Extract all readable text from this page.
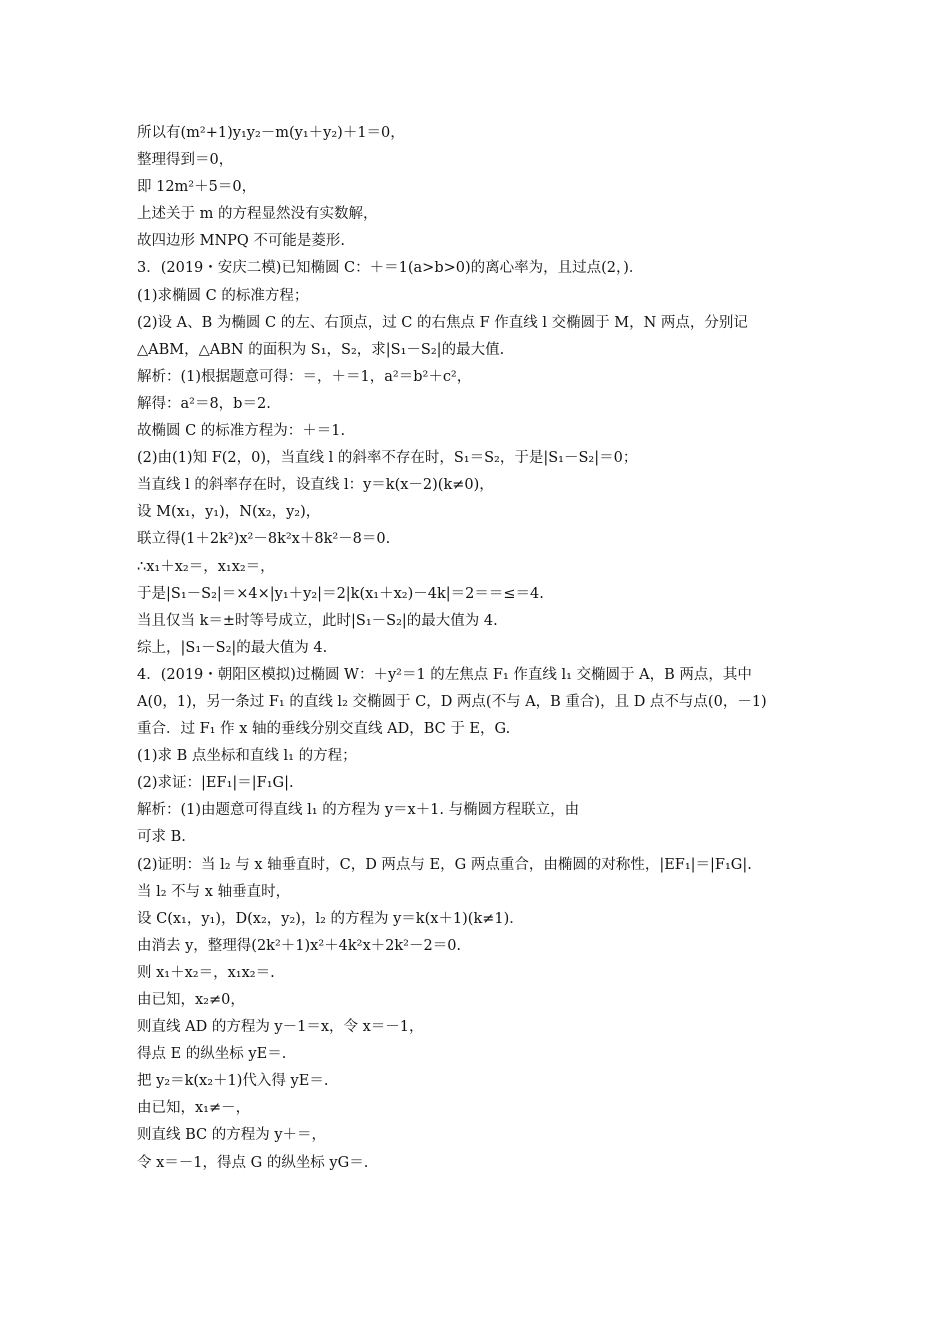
所以有(m²+1)y₁y₂－m(y₁＋y₂)＋1＝0，
整理得到＝0，
即 12m²＋5＝0，
上述关于 m 的方程显然没有实数解，
故四边形 MNPQ 不可能是菱形.
3．(2019・安庆二模)已知椭圆 C：＋＝1(a>b>0)的离心率为，且过点(2，)．
(1)求椭圆 C 的标准方程；
(2)设 A、B 为椭圆 C 的左、右顶点，过 C 的右焦点 F 作直线 l 交椭圆于 M，N 两点，分别记
△ABM，△ABN 的面积为 S₁，S₂，求|S₁－S₂|的最大值.
解析：(1)根据题意可得：＝，＋＝1，a²＝b²＋c²，
解得：a²＝8，b＝2.
故椭圆 C 的标准方程为：＋＝1.
(2)由(1)知 F(2，0)，当直线 l 的斜率不存在时，S₁＝S₂，于是|S₁－S₂|＝0；
当直线 l 的斜率存在时，设直线 l：y＝k(x－2)(k≠0)，
设 M(x₁，y₁)，N(x₂，y₂)，
联立得(1＋2k²)x²－8k²x＋8k²－8＝0.
∴x₁＋x₂＝，x₁x₂＝，
于是|S₁－S₂|＝×4×|y₁＋y₂|＝2|k(x₁＋x₂)－4k|＝2＝＝≤＝4.
当且仅当 k＝±时等号成立，此时|S₁－S₂|的最大值为 4.
综上，|S₁－S₂|的最大值为 4.
4．(2019・朝阳区模拟)过椭圆 W：＋y²＝1 的左焦点 F₁ 作直线 l₁ 交椭圆于 A，B 两点，其中
A(0，1)，另一条过 F₁ 的直线 l₂ 交椭圆于 C，D 两点(不与 A，B 重合)，且 D 点不与点(0，－1)
重合．过 F₁ 作 x 轴的垂线分别交直线 AD，BC 于 E，G.
(1)求 B 点坐标和直线 l₁ 的方程；
(2)求证：|EF₁|＝|F₁G|.
解析：(1)由题意可得直线 l₁ 的方程为 y＝x＋1. 与椭圆方程联立，由
可求 B.
(2)证明：当 l₂ 与 x 轴垂直时，C，D 两点与 E，G 两点重合，由椭圆的对称性，|EF₁|＝|F₁G|.
当 l₂ 不与 x 轴垂直时，
设 C(x₁，y₁)，D(x₂，y₂)，l₂ 的方程为 y＝k(x＋1)(k≠1)．
由消去 y，整理得(2k²＋1)x²＋4k²x＋2k²－2＝0.
则 x₁＋x₂＝，x₁x₂＝.
由已知，x₂≠0，
则直线 AD 的方程为 y－1＝x，令 x＝－1，
得点 E 的纵坐标 yE＝.
把 y₂＝k(x₂＋1)代入得 yE＝.
由已知，x₁≠－，
则直线 BC 的方程为 y＋＝，
令 x＝－1，得点 G 的纵坐标 yG＝.
